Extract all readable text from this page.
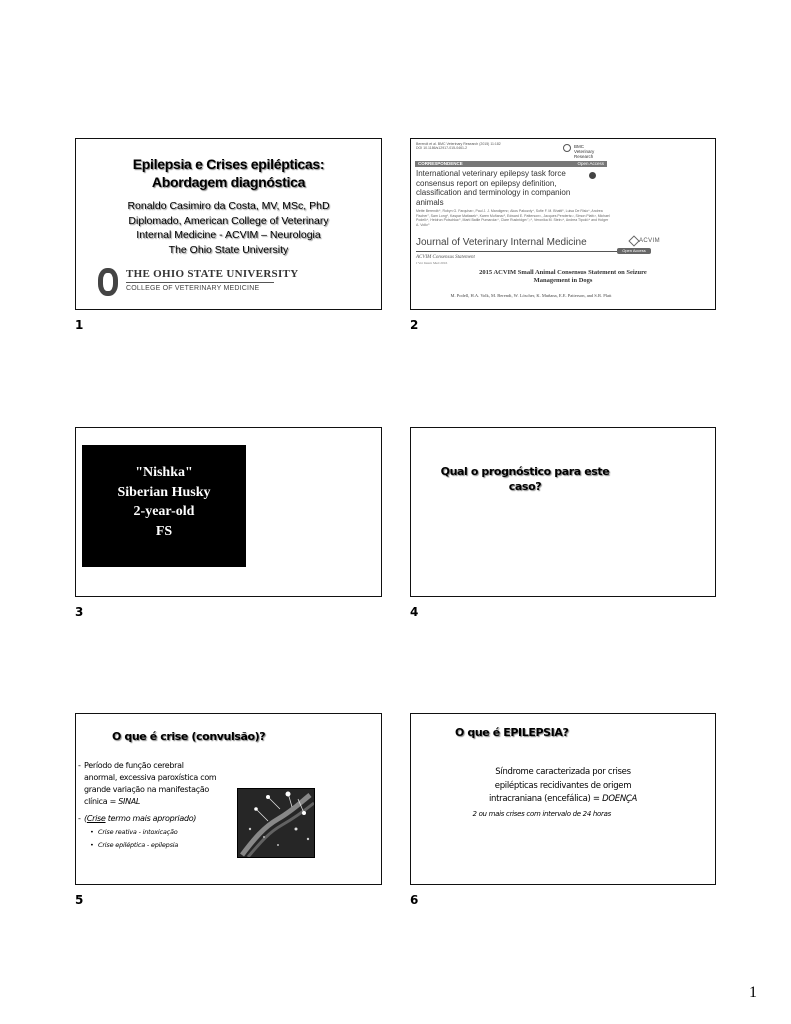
Epilepsia e Crises epilépticas:
Abordagem diagnóstica
Ronaldo Casimiro da Costa, MV, MSc, PhD
Diplomado, American College of Veterinary
Internal Medicine - ACVIM – Neurologia
The Ohio State University
THE OHIO STATE UNIVERSITY
COLLEGE OF VETERINARY MEDICINE
1
Berendt et al. BMC Veterinary Research (2015) 11:182
DOI 10.1186/s12917-015-0461-2	BMC
Veterinary Research
CORRESPONDENCE	Open Access
International veterinary epilepsy task force consensus report on epilepsy definition, classification and terminology in companion animals
Mette Berendt¹*, Robyn G. Farquhar², Paul J. J. Mandigers³, Akos Pakozdy⁴, Sofie F. M. Bhatti⁵, Luisa De Risio⁶, Andrea Fischer⁷, Sam Long⁸, Kaspar Matiasek⁹, Karen Muñana¹⁰, Edward E. Patterson¹¹, Jacques Penderis¹², Simon Platt¹³, Michael Podell¹⁴, Heidrun Potschka¹⁵, Martí Batlle Pumarola¹⁶, Clare Rusbridge¹⁷,¹⁸, Veronika M. Stein¹⁹, Andrea Tipold¹⁹ and Holger A. Volk²⁰
Journal of Veterinary Internal Medicine	ACVIM
Open Access
ACVIM Consensus Statement
J Vet Intern Med 2016
2015 ACVIM Small Animal Consensus Statement on Seizure
Management in Dogs
M. Podell, H.A. Volk, M. Berendt, W. Löscher, K. Muñana, E.E. Patterson, and S.R. Platt
2
"Nishka"
Siberian Husky
2-year-old
FS
3
Qual o prognóstico para este
caso?
4
O que é crise (convulsão)?
- Período de função cerebral
anormal, excessiva paroxística com
grande variação na manifestação
clínica = SINAL
- (Crise termo mais apropriado)
• Crise reativa - intoxicação
• Crise epiléptica - epilepsia
5
O que é EPILEPSIA?
Síndrome caracterizada por crises
epilépticas recidivantes de origem
intracraniana (encefálica) = DOENÇA
2 ou mais crises com intervalo de 24 horas
6
1
